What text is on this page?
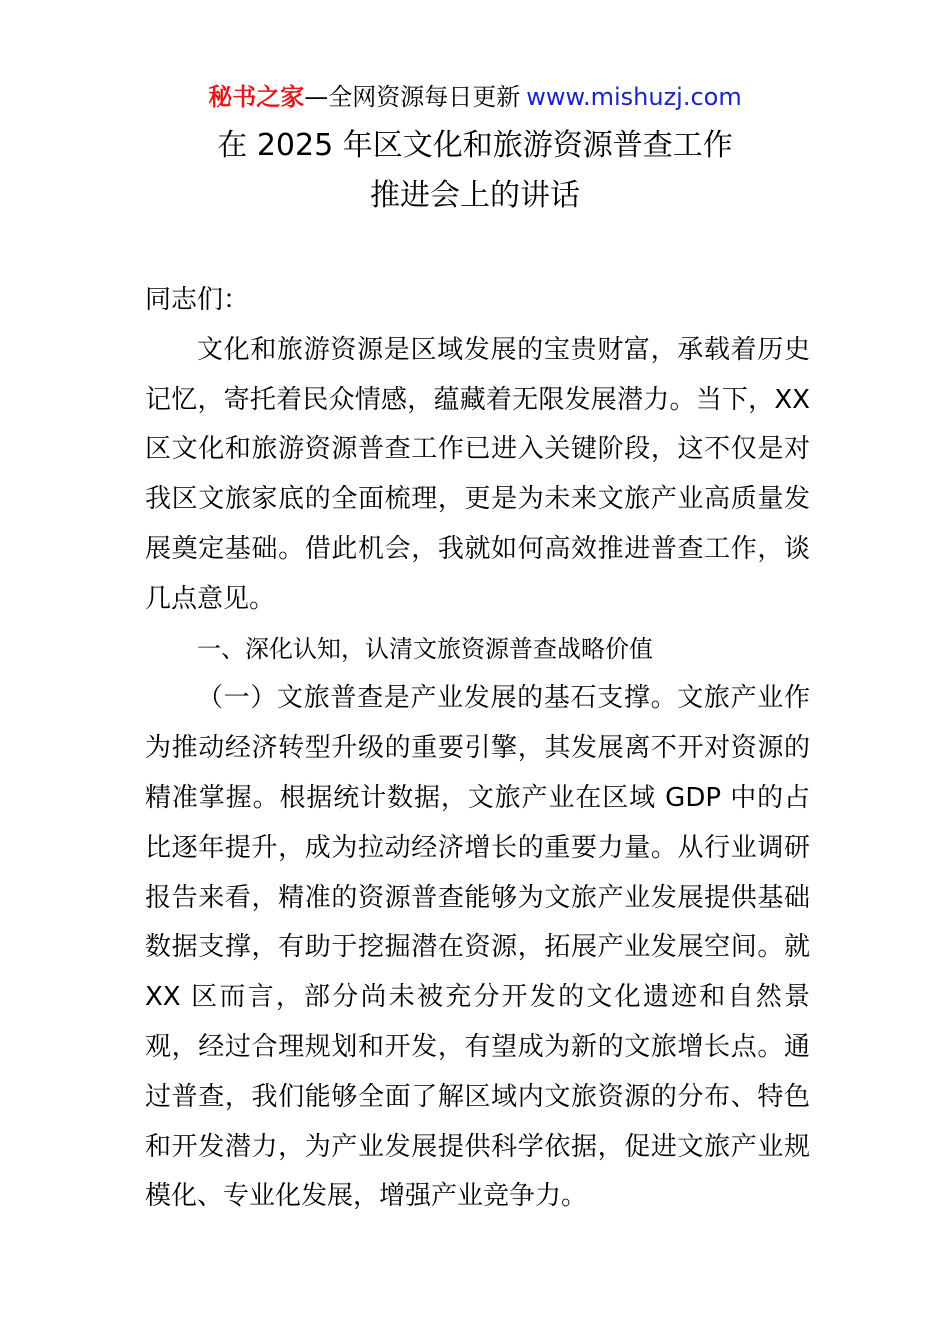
秘书之家—全网资源每日更新 www.mishuzj.com
在 2025 年区文化和旅游资源普查工作
推进会上的讲话

同志们：

文化和旅游资源是区域发展的宝贵财富，承载着历史记忆，寄托着民众情感，蕴藏着无限发展潜力。当下，XX区文化和旅游资源普查工作已进入关键阶段，这不仅是对我区文旅家底的全面梳理，更是为未来文旅产业高质量发展奠定基础。借此机会，我就如何高效推进普查工作，谈几点意见。

一、深化认知，认清文旅资源普查战略价值

（一）文旅普查是产业发展的基石支撑。文旅产业作为推动经济转型升级的重要引擎，其发展离不开对资源的精准掌握。根据统计数据，文旅产业在区域 GDP 中的占比逐年提升，成为拉动经济增长的重要力量。从行业调研报告来看，精准的资源普查能够为文旅产业发展提供基础数据支撑，有助于挖掘潜在资源，拓展产业发展空间。就 XX 区而言，部分尚未被充分开发的文化遗迹和自然景观，经过合理规划和开发，有望成为新的文旅增长点。通过普查，我们能够全面了解区域内文旅资源的分布、特色和开发潜力，为产业发展提供科学依据，促进文旅产业规模化、专业化发展，增强产业竞争力。
